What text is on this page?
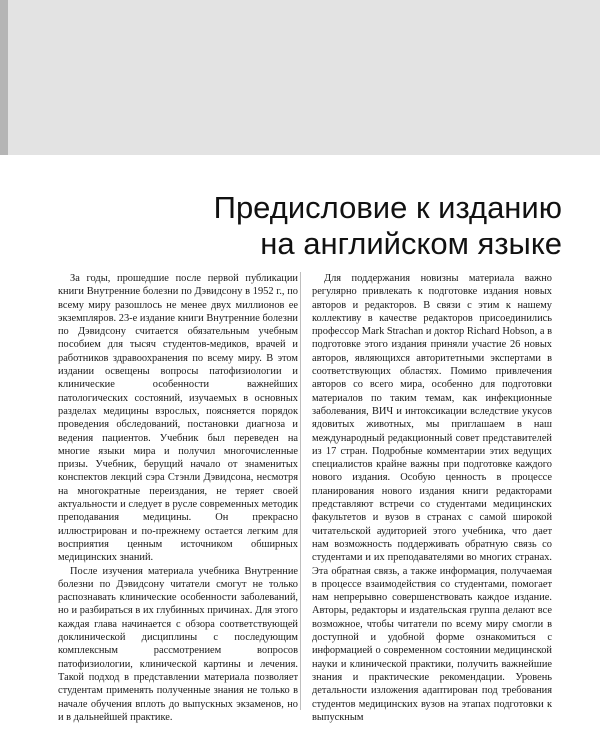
Предисловие к изданию
на английском языке

За годы, прошедшие после первой публикации книги Внутренние болезни по Дэвидсону в 1952 г., по всему миру разошлось не менее двух миллионов ее экземпляров. 23-е издание книги Внутренние болезни по Дэвидсону считается обязательным учебным пособием для тысяч студентов-медиков, врачей и работников здравоохранения по всему миру. В этом издании освещены вопросы патофизиологии и клинические особенности важнейших патологических состояний, изучаемых в основных разделах медицины взрослых, поясняется порядок проведения обследований, постановки диагноза и ведения пациентов. Учебник был переведен на многие языки мира и получил многочисленные призы. Учебник, берущий начало от знаменитых конспектов лекций сэра Стэнли Дэвидсона, несмотря на многократные переиздания, не теряет своей актуальности и следует в русле современных методик преподавания медицины. Он прекрасно иллюстрирован и по-прежнему остается легким для восприятия ценным источником обширных медицинских знаний.

После изучения материала учебника Внутренние болезни по Дэвидсону читатели смогут не только распознавать клинические особенности заболеваний, но и разбираться в их глубинных причинах. Для этого каждая глава начинается с обзора соответствующей доклинической дисциплины с последующим комплексным рассмотрением вопросов патофизиологии, клинической картины и лечения. Такой подход в представлении материала позволяет студентам применять полученные знания не только в начале обучения вплоть до выпускных экзаменов, но и в дальнейшей практике.

Для поддержания новизны материала важно регулярно привлекать к подготовке издания новых авторов и редакторов. В связи с этим к нашему коллективу в качестве редакторов присоединились профессор Mark Strachan и доктор Richard Hobson, а в подготовке этого издания приняли участие 26 новых авторов, являющихся авторитетными экспертами в соответствующих областях. Помимо привлечения авторов со всего мира, особенно для подготовки материалов по таким темам, как инфекционные заболевания, ВИЧ и интоксикации вследствие укусов ядовитых животных, мы приглашаем в наш международный редакционный совет представителей из 17 стран. Подробные комментарии этих ведущих специалистов крайне важны при подготовке каждого нового издания. Особую ценность в процессе планирования нового издания книги редакторами представляют встречи со студентами медицинских факультетов и вузов в странах с самой широкой читательской аудиторией этого учебника, что дает нам возможность поддерживать обратную связь со студентами и их преподавателями во многих странах. Эта обратная связь, а также информация, получаемая в процессе взаимодействия со студентами, помогает нам непрерывно совершенствовать каждое издание. Авторы, редакторы и издательская группа делают все возможное, чтобы читатели по всему миру смогли в доступной и удобной форме ознакомиться с информацией о современном состоянии медицинской науки и клинической практики, получить важнейшие знания и практические рекомендации. Уровень детальности изложения адаптирован под требования студентов медицинских вузов на этапах подготовки к выпускным
